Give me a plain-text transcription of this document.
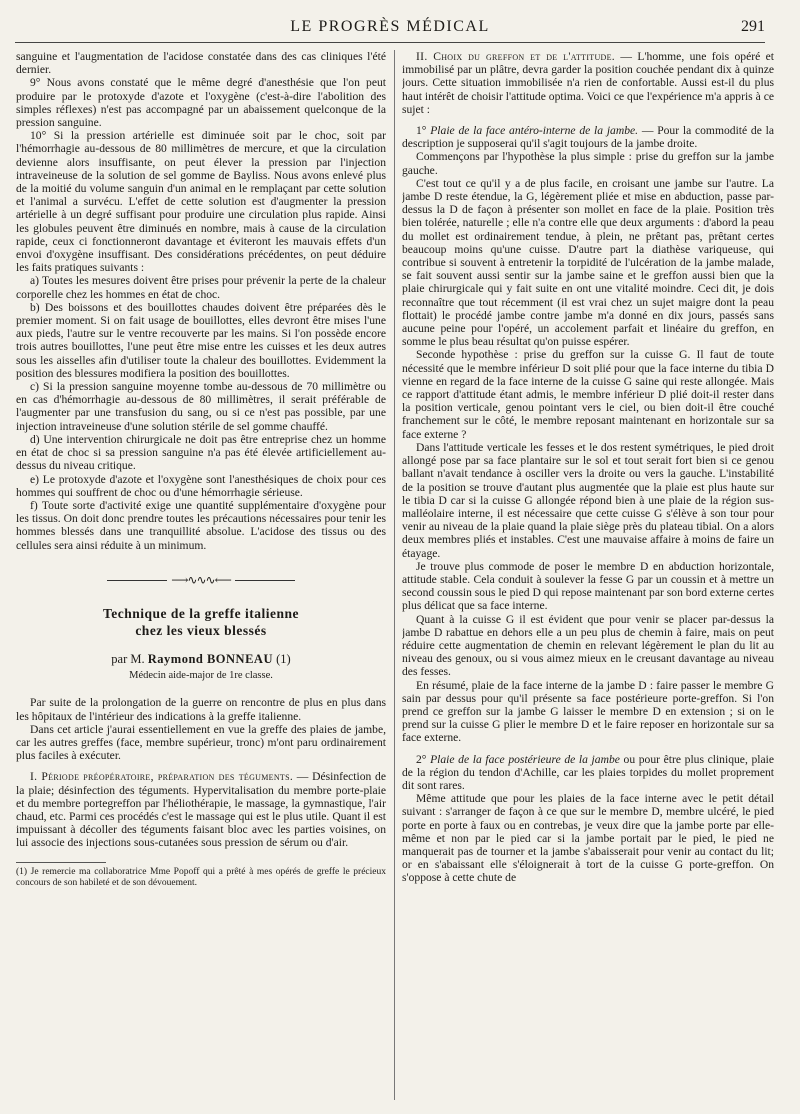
LE PROGRÈS MÉDICAL	291

sanguine et l'augmentation de l'acidose constatée dans des cas cliniques l'été dernier.

9° Nous avons constaté que le même degré d'anesthésie que l'on peut produire par le protoxyde d'azote et l'oxygène (c'est-à-dire l'abolition des simples réflexes) n'est pas accompagné par un abaissement quelconque de la pression sanguine.

10° Si la pression artérielle est diminuée soit par le choc, soit par l'hémorrhagie au-dessous de 80 millimètres de mercure, et que la circulation devienne alors insuffisante, on peut élever la pression par l'injection intraveineuse de la solution de sel gomme de Bayliss. Nous avons enlevé plus de la moitié du volume sanguin d'un animal en le remplaçant par cette solution et l'animal a survécu. L'effet de cette solution est d'augmenter la pression artérielle à un degré suffisant pour produire une circulation plus rapide. Ainsi les globules peuvent être diminués en nombre, mais à cause de la circulation rapide, ceux ci fonctionneront davantage et éviteront les mauvais effets d'un envoi d'oxygène insuffisant. Des considérations précédentes, on peut déduire les faits pratiques suivants :

a) Toutes les mesures doivent être prises pour prévenir la perte de la chaleur corporelle chez les hommes en état de choc.

b) Des boissons et des bouillottes chaudes doivent être préparées dès le premier moment. Si on fait usage de bouillottes, elles devront être mises l'une aux pieds, l'autre sur le ventre recouverte par les mains. Si l'on possède encore trois autres bouillottes, l'une peut être mise entre les cuisses et les deux autres sous les aisselles afin d'utiliser toute la chaleur des bouillottes. Evidemment la position des blessures modifiera la position des bouillottes.

c) Si la pression sanguine moyenne tombe au-dessous de 70 millimètre ou en cas d'hémorrhagie au-dessous de 80 millimètres, il serait préférable de l'augmenter par une transfusion du sang, ou si ce n'est pas possible, par une injection intraveineuse d'une solution stérile de sel gomme chauffé.

d) Une intervention chirurgicale ne doit pas être entreprise chez un homme en état de choc si sa pression sanguine n'a pas été élevée artificiellement au-dessus du niveau critique.

e) Le protoxyde d'azote et l'oxygène sont l'anesthésiques de choix pour ces hommes qui souffrent de choc ou d'une hémorrhagie sérieuse.

f) Toute sorte d'activité exige une quantité supplémentaire d'oxygène pour les tissus. On doit donc prendre toutes les précautions nécessaires pour tenir les hommes blessés dans une tranquillité absolue. L'acidose des tissus ou des cellules sera ainsi réduite à un minimum.

⟶∿∿∿⟵
Technique de la greffe italienne
chez les vieux blessés
par M. Raymond BONNEAU (1)
Médecin aide-major de 1re classe.

Par suite de la prolongation de la guerre on rencontre de plus en plus dans les hôpitaux de l'intérieur des indications à la greffe italienne.

Dans cet article j'aurai essentiellement en vue la greffe des plaies de jambe, car les autres greffes (face, membre supérieur, tronc) m'ont paru ordinairement plus faciles à exécuter.

I. Période préopératoire, préparation des téguments. — Désinfection de la plaie; désinfection des téguments. Hypervitalisation du membre porte-plaie et du membre portegreffon par l'héliothérapie, le massage, la gymnastique, l'air chaud, etc. Parmi ces procédés c'est le massage qui est le plus utile. Quant il est impuissant à décoller des téguments faisant bloc avec les parties voisines, on lui associe des injections sous-cutanées sous pression de sérum ou d'air.

(1) Je remercie ma collaboratrice Mme Popoff qui a prêté à mes opérés de greffe le précieux concours de son habileté et de son dévouement.

II. Choix du greffon et de l'attitude. — L'homme, une fois opéré et immobilisé par un plâtre, devra garder la position couchée pendant dix à quinze jours. Cette situation immobilisée n'a rien de confortable. Aussi est-il du plus haut intérêt de choisir l'attitude optima. Voici ce que l'expérience m'a appris à ce sujet :

1° Plaie de la face antéro-interne de la jambe. — Pour la commodité de la description je supposerai qu'il s'agit toujours de la jambe droite.

Commençons par l'hypothèse la plus simple : prise du greffon sur la jambe gauche.

C'est tout ce qu'il y a de plus facile, en croisant une jambe sur l'autre. La jambe D reste étendue, la G, légèrement pliée et mise en abduction, passe par-dessus la D de façon à présenter son mollet en face de la plaie. Position très bien tolérée, naturelle ; elle n'a contre elle que deux arguments : d'abord la peau du mollet est ordinairement tendue, à plein, ne prêtant pas, prêtant certes beaucoup moins qu'une cuisse. D'autre part la diathèse variqueuse, qui contribue si souvent à entretenir la torpidité de l'ulcération de la jambe malade, se fait souvent aussi sentir sur la jambe saine et le greffon aussi bien que la plaie chirurgicale qui y fait suite en ont une vitalité moindre. Ceci dit, je dois reconnaître que tout récemment (il est vrai chez un sujet maigre dont la peau flottait) le procédé jambe contre jambe m'a donné en dix jours, passés sans aucune peine pour l'opéré, un accolement parfait et linéaire du greffon, en somme le plus beau résultat qu'on puisse espérer.

Seconde hypothèse : prise du greffon sur la cuisse G. Il faut de toute nécessité que le membre inférieur D soit plié pour que la face interne du tibia D vienne en regard de la face interne de la cuisse G saine qui reste allongée. Mais ce rapport d'attitude étant admis, le membre inférieur D plié doit-il rester dans la position verticale, genou pointant vers le ciel, ou bien doit-il être couché franchement sur le côté, le membre reposant maintenant en horizontale sur sa face externe ?

Dans l'attitude verticale les fesses et le dos restent symétriques, le pied droit allongé pose par sa face plantaire sur le sol et tout serait fort bien si ce genou ballant n'avait tendance à osciller vers la droite ou vers la gauche. L'instabilité de la position se trouve d'autant plus augmentée que la plaie est plus haute sur le tibia D car si la cuisse G allongée répond bien à une plaie de la région sus-malléolaire interne, il est nécessaire que cette cuisse G s'élève à son tour pour venir au niveau de la plaie quand la plaie siège près du plateau tibial. On a alors deux membres pliés et instables. C'est une mauvaise affaire à moins de faire un étayage.

Je trouve plus commode de poser le membre D en abduction horizontale, attitude stable. Cela conduit à soulever la fesse G par un coussin et à mettre un second coussin sous le pied D qui repose maintenant par son bord externe certes plus délicat que sa face interne.

Quant à la cuisse G il est évident que pour venir se placer par-dessus la jambe D rabattue en dehors elle a un peu plus de chemin à faire, mais on peut réduire cette augmentation de chemin en relevant légèrement le plan du lit au niveau des genoux, ou si vous aimez mieux en le creusant davantage au niveau des fesses.

En résumé, plaie de la face interne de la jambe D : faire passer le membre G sain par dessus pour qu'il présente sa face postérieure porte-greffon. Si l'on prend ce greffon sur la jambe G laisser le membre D en extension ; si on le prend sur la cuisse G plier le membre D et le faire reposer en horizontale sur sa face externe.

2° Plaie de la face postérieure de la jambe ou pour être plus clinique, plaie de la région du tendon d'Achille, car les plaies torpides du mollet proprement dit sont rares.

Même attitude que pour les plaies de la face interne avec le petit détail suivant : s'arranger de façon à ce que sur le membre D, membre ulcéré, le pied porte en porte à faux ou en contrebas, je veux dire que la jambe porte par elle-même et non par le pied car si la jambe portait par le pied, le pied ne manquerait pas de tourner et la jambe s'abaisserait pour venir au contact du lit; or en s'abaissant elle s'éloignerait à tort de la cuisse G porte-greffon. On s'oppose à cette chute de
